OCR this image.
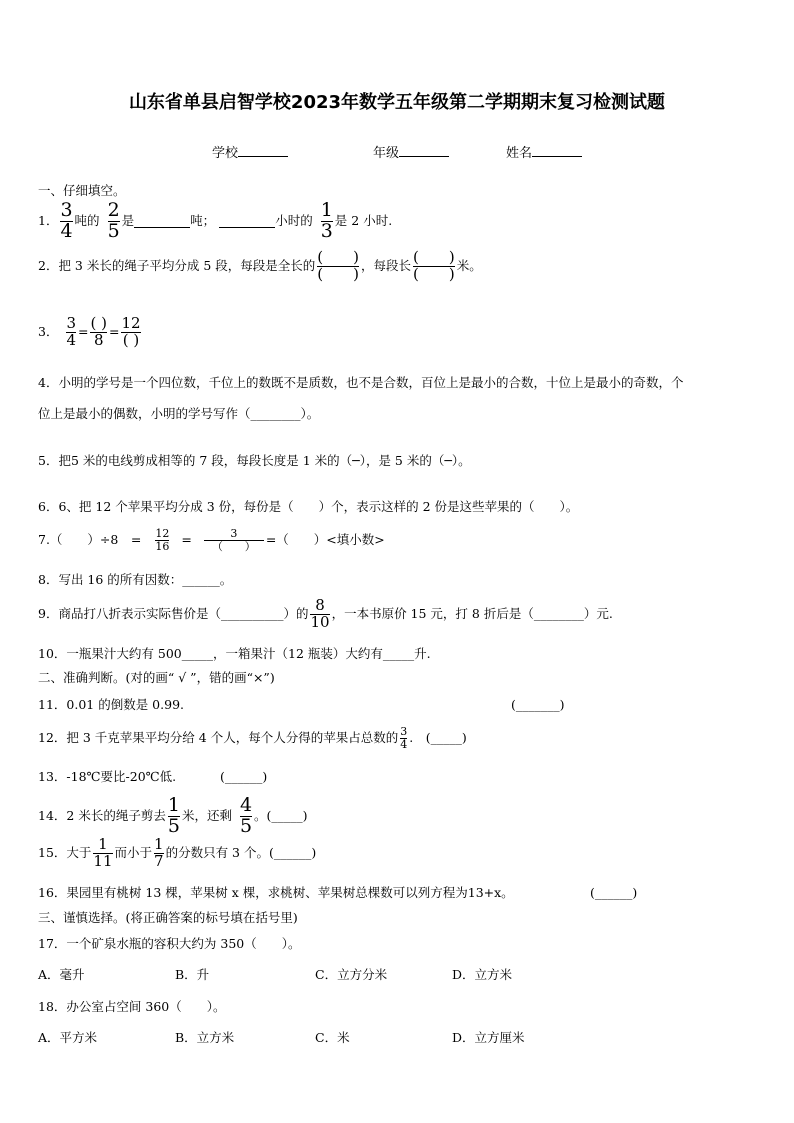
山东省单县启智学校2023年数学五年级第二学期期末复习检测试题
学校	年级	姓名
一、仔细填空。
1． $\frac{3}{4}$ 吨的 $\frac{2}{5}$ 是	吨；	小时的 $\frac{1}{3}$ 是 2 小时.
2． 把 3 米长的绳子平均分成 5 段，每段是全长的 $\frac{( )}{( )}$ ，每段长 $\frac{( )}{( )}$ 米。
3． $\frac{3}{4} = \frac{( )}{8} = \frac{12}{( )}$
4．小明的学号是一个四位数，千位上的数既不是质数，也不是合数，百位上是最小的合数，十位上是最小的奇数，个
位上是最小的偶数，小明的学号写作（________）。
5．把5 米的电线剪成相等的 7 段，每段长度是 1 米的（─），是 5 米的（─）。
6．6、把 12 个苹果平均分成 3 份，每份是（　　）个，表示这样的 2 份是这些苹果的（　　）。
7.（　　）÷8　= $\frac{12}{16} = \frac{3}{( )}$ =（　　）<填小数>
8．写出 16 的所有因数：______。
9．商品打八折表示实际售价是（__________）的 $\frac{8}{10}$ ，一本书原价 15 元，打 8 折后是（________）元.
10．一瓶果汁大约有 500_____，一箱果汁（12 瓶装）大约有_____升.
二、准确判断。(对的画“ √ ”，错的画“×”)
11．0.01 的倒数是 0.99.	(_______)
12．把 3 千克苹果平均分给 4 个人，每个人分得的苹果占总数的 $\frac{3}{4}$ .　(_____)
13．-18℃要比-20℃低.	(______)
14．2 米长的绳子剪去 $\frac{1}{5}$ 米，还剩 $\frac{4}{5}$ 。(_____)
15．大于 $\frac{1}{11}$ 而小于 $\frac{1}{7}$ 的分数只有 3 个。(______)
16．果园里有桃树 13 棵，苹果树 x 棵，求桃树、苹果树总棵数可以列方程为13+x。	(______)
三、谨慎选择。(将正确答案的标号填在括号里)
17．一个矿泉水瓶的容积大约为 350（　　）。
A．毫升	B．升	C．立方分米	D．立方米
18．办公室占空间 360（　　）。
A．平方米	B．立方米	C．米	D．立方厘米
